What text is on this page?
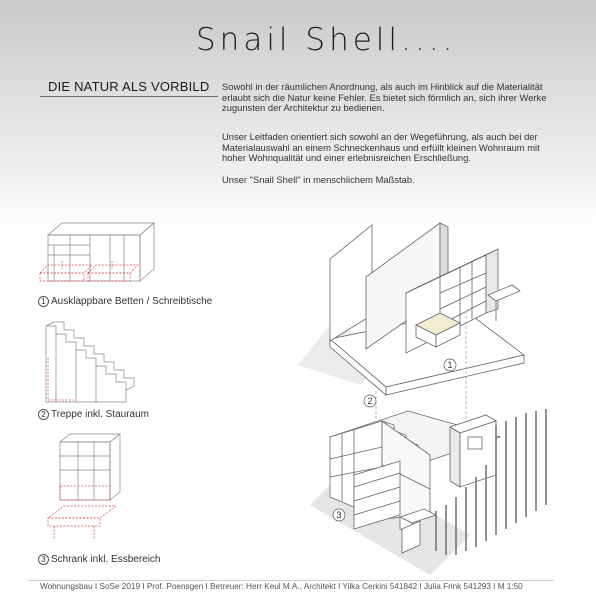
Snail Shell....
DIE NATUR ALS VORBILD Sowohl in der räumlichen Anordnung, als auch im Hinblick auf die Materialität erlaubt sich die Natur keine Fehler. Es bietet sich förmlich an, sich ihrer Werke zugunsten der Architektur zu bedienen.

Unser Leitfaden orientiert sich sowohl an der Wegeführung, als auch bei der Materialauswahl an einem Schneckenhaus und erfüllt kleinen Wohnraum mit hoher Wohnqualität und einer erlebnisreichen Erschließung.

Unser "Snail Shell" in menschlichem Maßstab.

1 Ausklappbare Betten / Schreibtische
2 Treppe inkl. Stauraum
3 Schrank inkl. Essbereich
1
2
3
Wohnungsbau I SoSe 2019 I Prof. Poensgen I Betreuer: Herr Keul M.A., Architekt I Yilka Cerkini 541842 I Julia Frink 541293 I M 1:50
